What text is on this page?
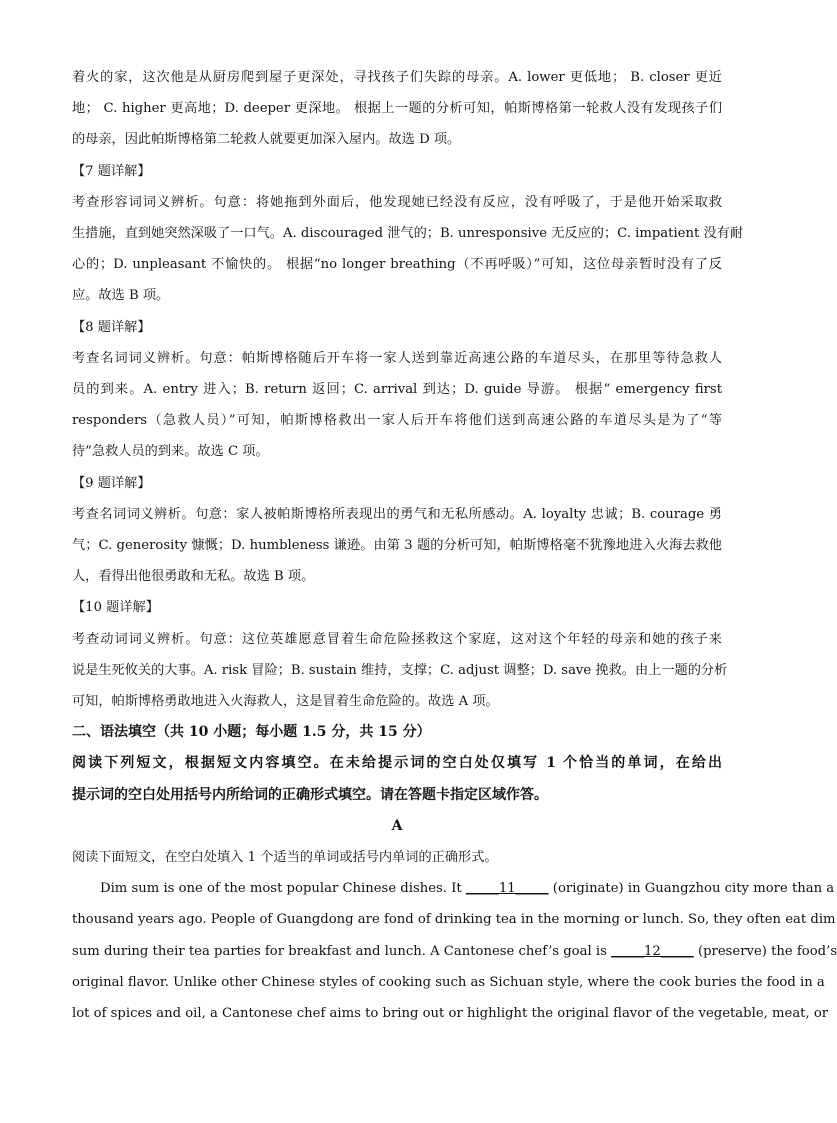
着火的家，这次他是从厨房爬到屋子更深处，寻找孩子们失踪的母亲。A. lower 更低地； B. closer 更近

地； C. higher 更高地；D. deeper 更深地。 根据上一题的分析可知，帕斯博格第一轮救人没有发现孩子们

的母亲，因此帕斯博格第二轮救人就要更加深入屋内。故选 D 项。

【7 题详解】

考查形容词词义辨析。句意：将她拖到外面后，他发现她已经没有反应，没有呼吸了，于是他开始采取救

生措施，直到她突然深吸了一口气。A. discouraged 泄气的；B. unresponsive 无反应的；C. impatient 没有耐

心的；D. unpleasant 不愉快的。 根据“no longer breathing（不再呼吸）”可知，这位母亲暂时没有了反

应。故选 B 项。

【8 题详解】

考查名词词义辨析。句意：帕斯博格随后开车将一家人送到靠近高速公路的车道尽头，在那里等待急救人

员的到来。A. entry 进入；B. return 返回；C. arrival 到达；D. guide 导游。 根据“ emergency first

responders（急救人员）”可知，帕斯博格救出一家人后开车将他们送到高速公路的车道尽头是为了“等

待”急救人员的到来。故选 C 项。

【9 题详解】

考查名词词义辨析。句意：家人被帕斯博格所表现出的勇气和无私所感动。A. loyalty 忠诚；B. courage 勇

气；C. generosity 慷慨；D. humbleness 谦逊。由第 3 题的分析可知，帕斯博格毫不犹豫地进入火海去救他

人，看得出他很勇敢和无私。故选 B 项。

【10 题详解】

考查动词词义辨析。句意：这位英雄愿意冒着生命危险拯救这个家庭，这对这个年轻的母亲和她的孩子来

说是生死攸关的大事。A. risk 冒险；B. sustain 维持，支撑；C. adjust 调整；D. save 挽救。由上一题的分析

可知，帕斯博格勇敢地进入火海救人，这是冒着生命危险的。故选 A 项。

二、语法填空（共 10 小题；每小题 1.5 分，共 15 分）

阅读下列短文，根据短文内容填空。在未给提示词的空白处仅填写 1 个恰当的单词，在给出

提示词的空白处用括号内所给词的正确形式填空。请在答题卡指定区域作答。

A

阅读下面短文，在空白处填入 1 个适当的单词或括号内单词的正确形式。

Dim sum is one of the most popular Chinese dishes. It _____11_____ (originate) in Guangzhou city more than a

thousand years ago. People of Guangdong are fond of drinking tea in the morning or lunch. So, they often eat dim

sum during their tea parties for breakfast and lunch. A Cantonese chef’s goal is _____12_____ (preserve) the food’s

original flavor. Unlike other Chinese styles of cooking such as Sichuan style, where the cook buries the food in a

lot of spices and oil, a Cantonese chef aims to bring out or highlight the original flavor of the vegetable, meat, or
